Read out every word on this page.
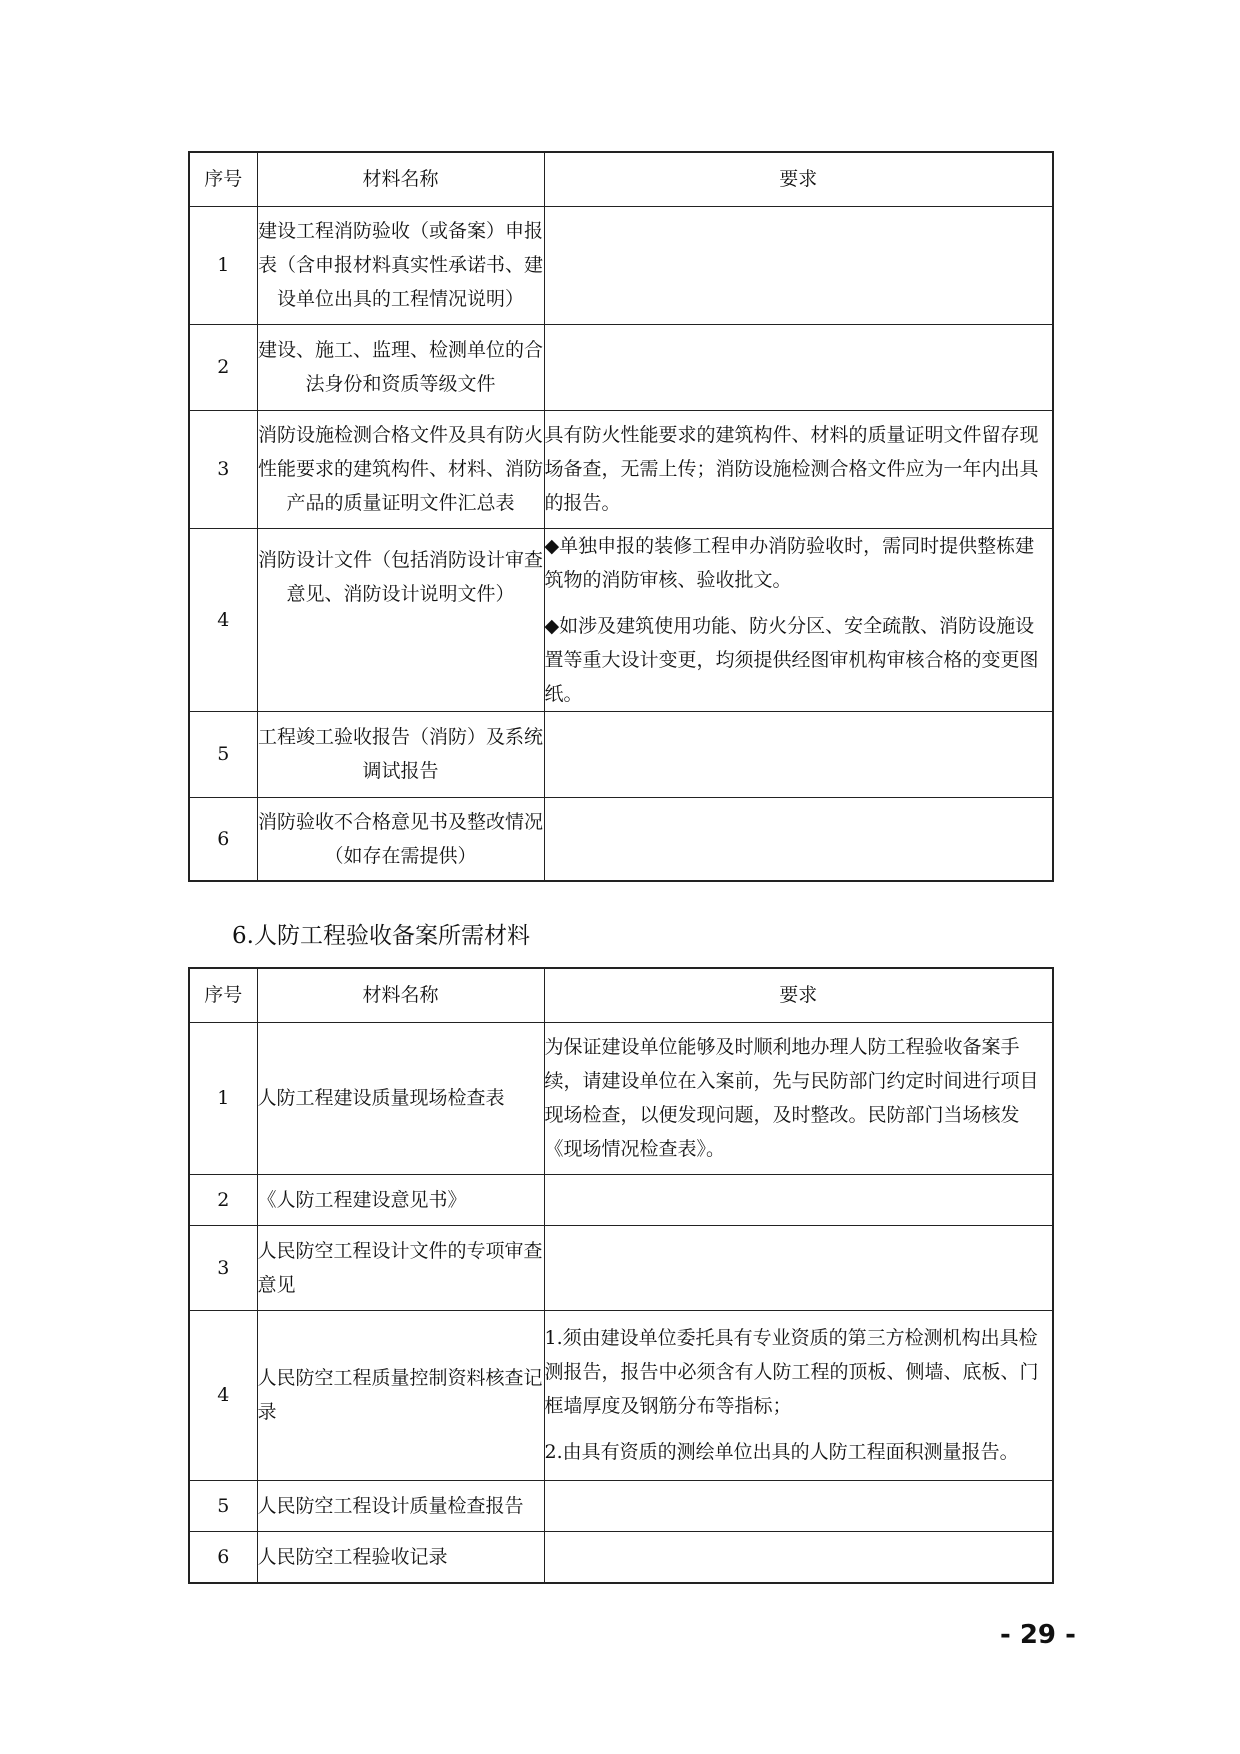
序号	材料名称	要求
1	建设工程消防验收（或备案）申报表（含申报材料真实性承诺书、建设单位出具的工程情况说明）	
2	建设、施工、监理、检测单位的合法身份和资质等级文件	
3	消防设施检测合格文件及具有防火性能要求的建筑构件、材料、消防产品的质量证明文件汇总表	具有防火性能要求的建筑构件、材料的质量证明文件留存现场备查，无需上传；消防设施检测合格文件应为一年内出具的报告。
4	消防设计文件（包括消防设计审查意见、消防设计说明文件）	◆单独申报的装修工程申办消防验收时，需同时提供整栋建筑物的消防审核、验收批文。

◆如涉及建筑使用功能、防火分区、安全疏散、消防设施设置等重大设计变更，均须提供经图审机构审核合格的变更图纸。

5	工程竣工验收报告（消防）及系统调试报告	
6	消防验收不合格意见书及整改情况（如存在需提供）	
6.人防工程验收备案所需材料
序号	材料名称	要求
1	人防工程建设质量现场检查表	为保证建设单位能够及时顺利地办理人防工程验收备案手续，请建设单位在入案前，先与民防部门约定时间进行项目现场检查，以便发现问题，及时整改。民防部门当场核发《现场情况检查表》。
2	《人防工程建设意见书》	
3	人民防空工程设计文件的专项审查意见	
4	人民防空工程质量控制资料核查记录	1.须由建设单位委托具有专业资质的第三方检测机构出具检测报告，报告中必须含有人防工程的顶板、侧墙、底板、门框墙厚度及钢筋分布等指标；

2.由具有资质的测绘单位出具的人防工程面积测量报告。

5	人民防空工程设计质量检查报告	
6	人民防空工程验收记录	
- 29 -
